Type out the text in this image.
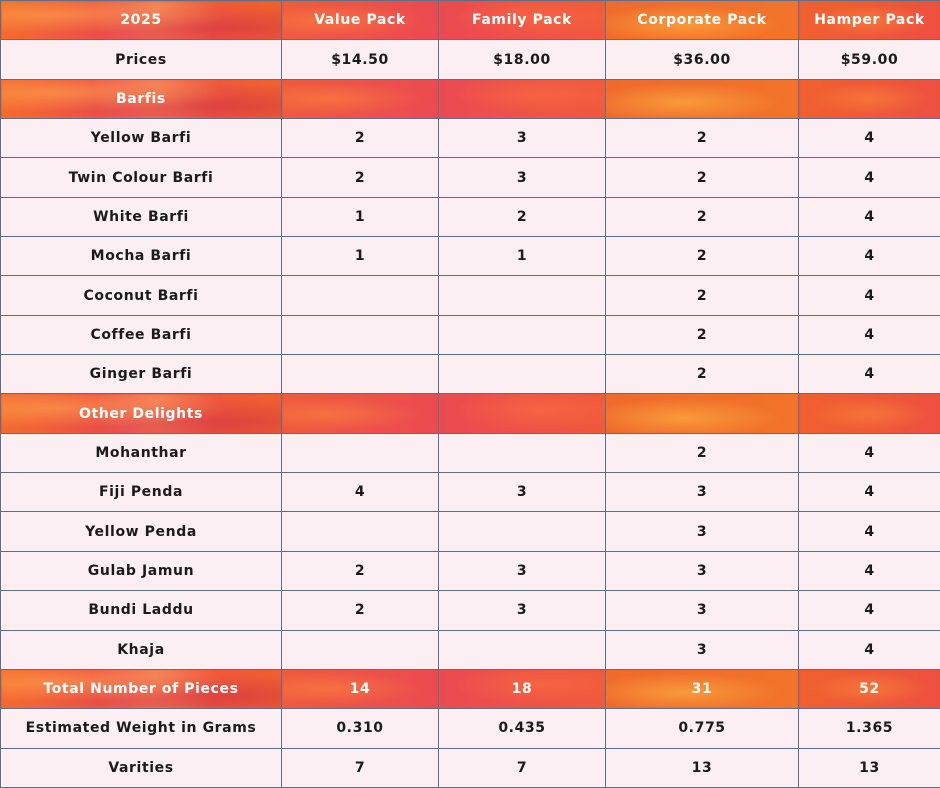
2025	Value Pack	Family Pack	Corporate Pack	Hamper Pack
Prices	$14.50	$18.00	$36.00	$59.00
Barfis				
Yellow Barfi	2	3	2	4
Twin Colour Barfi	2	3	2	4
White Barfi	1	2	2	4
Mocha Barfi	1	1	2	4
Coconut Barfi			2	4
Coffee Barfi			2	4
Ginger Barfi			2	4
Other Delights				
Mohanthar			2	4
Fiji Penda	4	3	3	4
Yellow Penda			3	4
Gulab Jamun	2	3	3	4
Bundi Laddu	2	3	3	4
Khaja			3	4
Total Number of Pieces	14	18	31	52
Estimated Weight in Grams	0.310	0.435	0.775	1.365
Varities	7	7	13	13
